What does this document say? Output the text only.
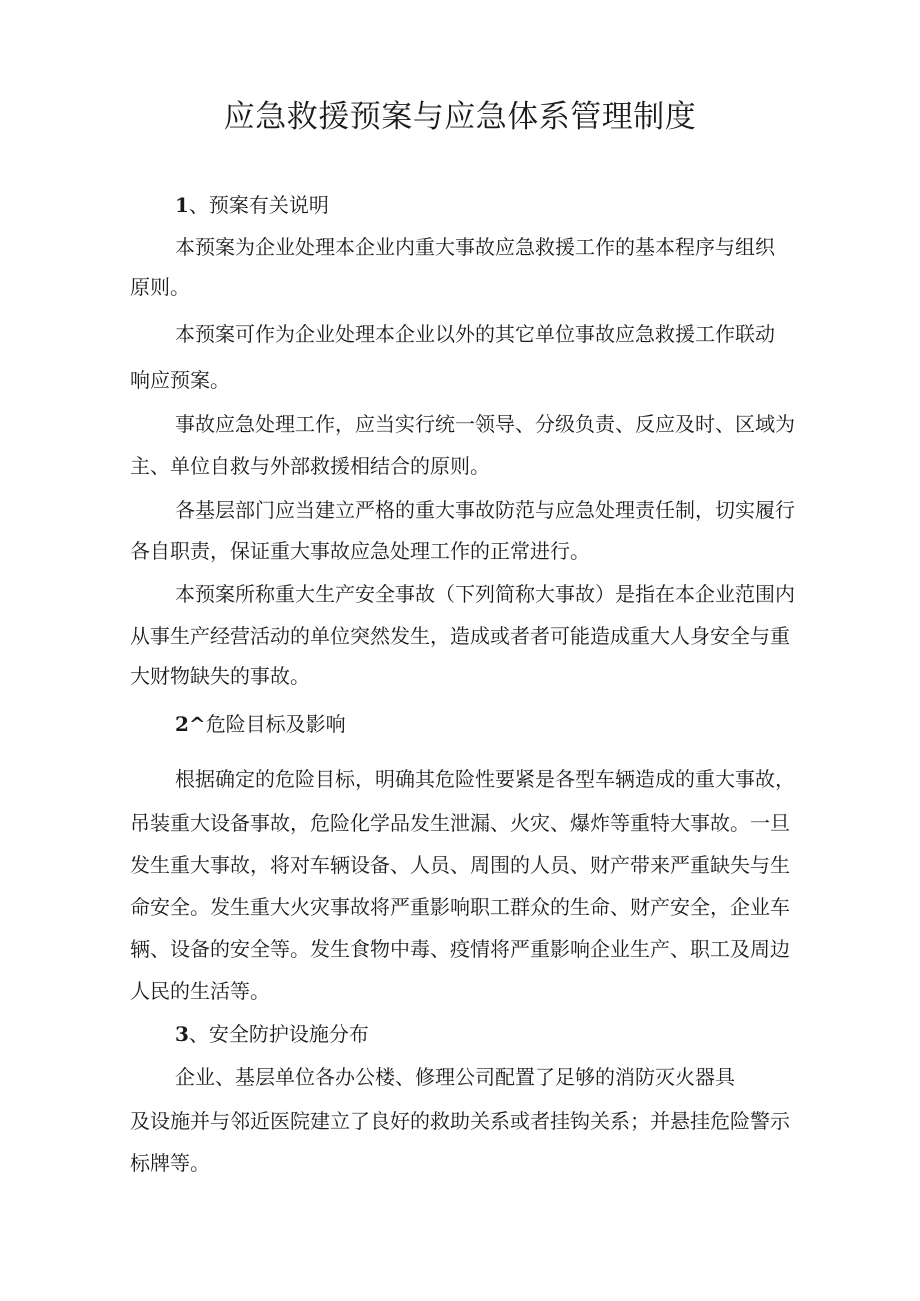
应急救援预案与应急体系管理制度
1、预案有关说明
本预案为企业处理本企业内重大事故应急救援工作的基本程序与组织
原则。
本预案可作为企业处理本企业以外的其它单位事故应急救援工作联动
响应预案。
事故应急处理工作，应当实行统一领导、分级负责、反应及时、区域为
主、单位自救与外部救援相结合的原则。
各基层部门应当建立严格的重大事故防范与应急处理责任制，切实履行
各自职责，保证重大事故应急处理工作的正常进行。
本预案所称重大生产安全事故（下列简称大事故）是指在本企业范围内
从事生产经营活动的单位突然发生，造成或者者可能造成重大人身安全与重
大财物缺失的事故。
2^危险目标及影响
根据确定的危险目标，明确其危险性要紧是各型车辆造成的重大事故，
吊装重大设备事故，危险化学品发生泄漏、火灾、爆炸等重特大事故。一旦
发生重大事故，将对车辆设备、人员、周围的人员、财产带来严重缺失与生
命安全。发生重大火灾事故将严重影响职工群众的生命、财产安全，企业车
辆、设备的安全等。发生食物中毒、疫情将严重影响企业生产、职工及周边
人民的生活等。
3、安全防护设施分布
企业、基层单位各办公楼、修理公司配置了足够的消防灭火器具
及设施并与邻近医院建立了良好的救助关系或者挂钩关系；并悬挂危险警示
标牌等。
